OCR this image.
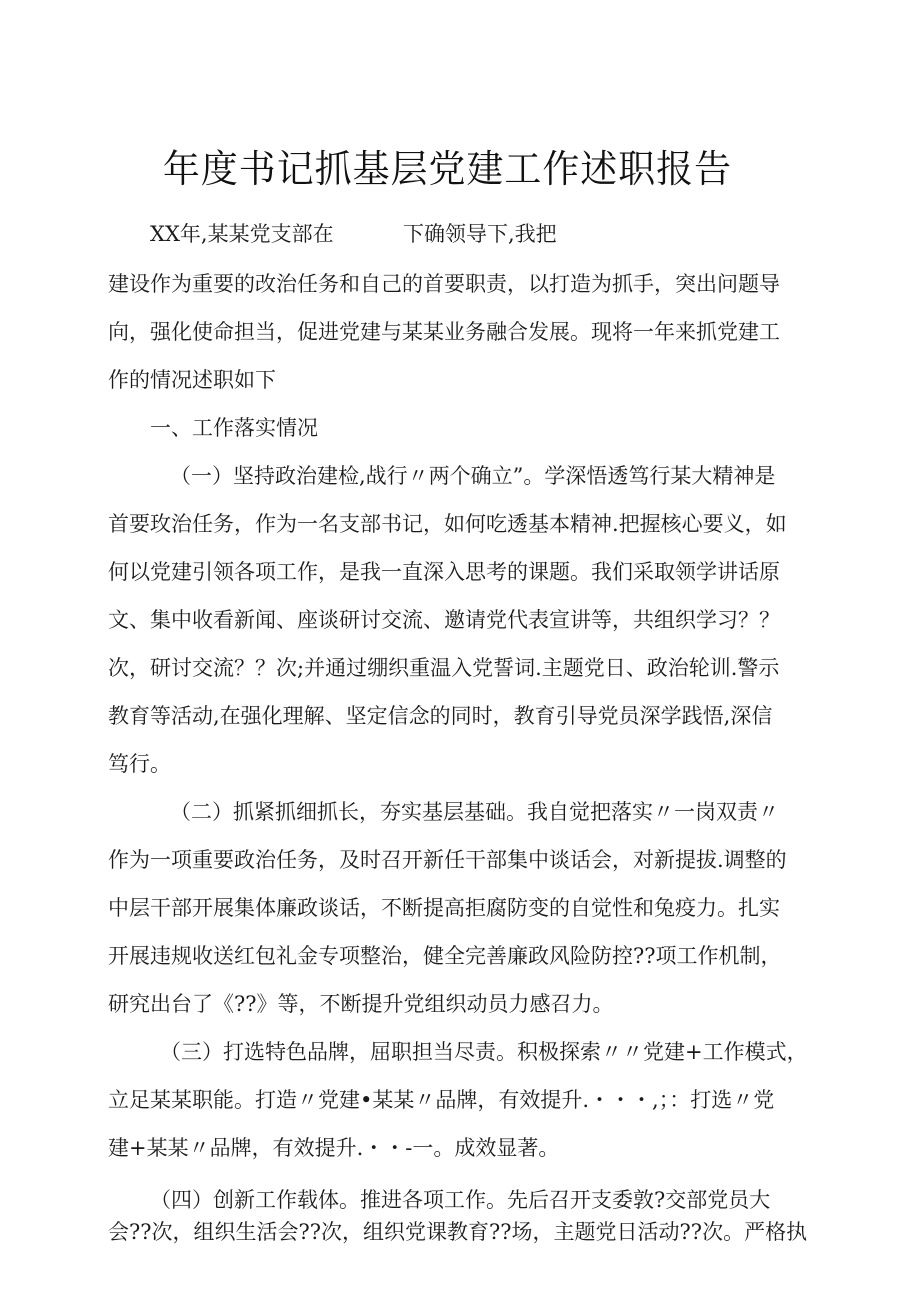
年度书记抓基层党建工作述职报告
XX年,某某党支部在	下确领导下,我把
建设作为重要的改治任务和自己的首要职责，以打造为抓手，突出问题导
向，强化使命担当，促进党建与某某业务融合发展。现将一年来抓党建工
作的情况述职如下
一、工作落实情况
（一）坚持政治建检,战行〃两个确立”。学深悟透笃行某大精神是
首要玫治任务，作为一名支部书记，如何吃透基本精神.把握核心要义，如
何以党建引领各项工作，是我一直深入思考的课题。我们采取领学讲话原
文、集中收看新闻、座谈研讨交流、邀请党代表宣讲等，共组织学习？？
次，研讨交流？？次;并通过绷织重温入党誓词.主题党日、政治轮训.警示
教育等活动,在强化理解、坚定信念的同时，教育引导党员深学践悟,深信
笃行。
（二）抓紧抓细抓长，夯实基层基础。我自觉把落实〃一岗双责〃
作为一项重要政治任务，及时召开新任干部集中谈话会，对新提拔.调整的
中层干部开展集体廉政谈话，不断提高拒腐防变的自觉性和兔疫力。扎实
开展违规收送红包礼金专项整治，健全完善廉政风险防控??项工作机制，
研究出台了《??》等，不断提升党组织动员力感召力。
（三）打选特色品牌，屈职担当尽责。积极探索〃〃党建+工作模式，
立足某某职能。打造〃党建•某某〃品牌，有效提升.・・・,；：打选〃党
建+某某〃品牌，有效提升.・・-一。成效显著。
（四）创新工作载体。推进各项工作。先后召开支委敦?交部党员大
会??次，组织生活会??次，组织党课教育??场，主题党日活动??次。严格执
